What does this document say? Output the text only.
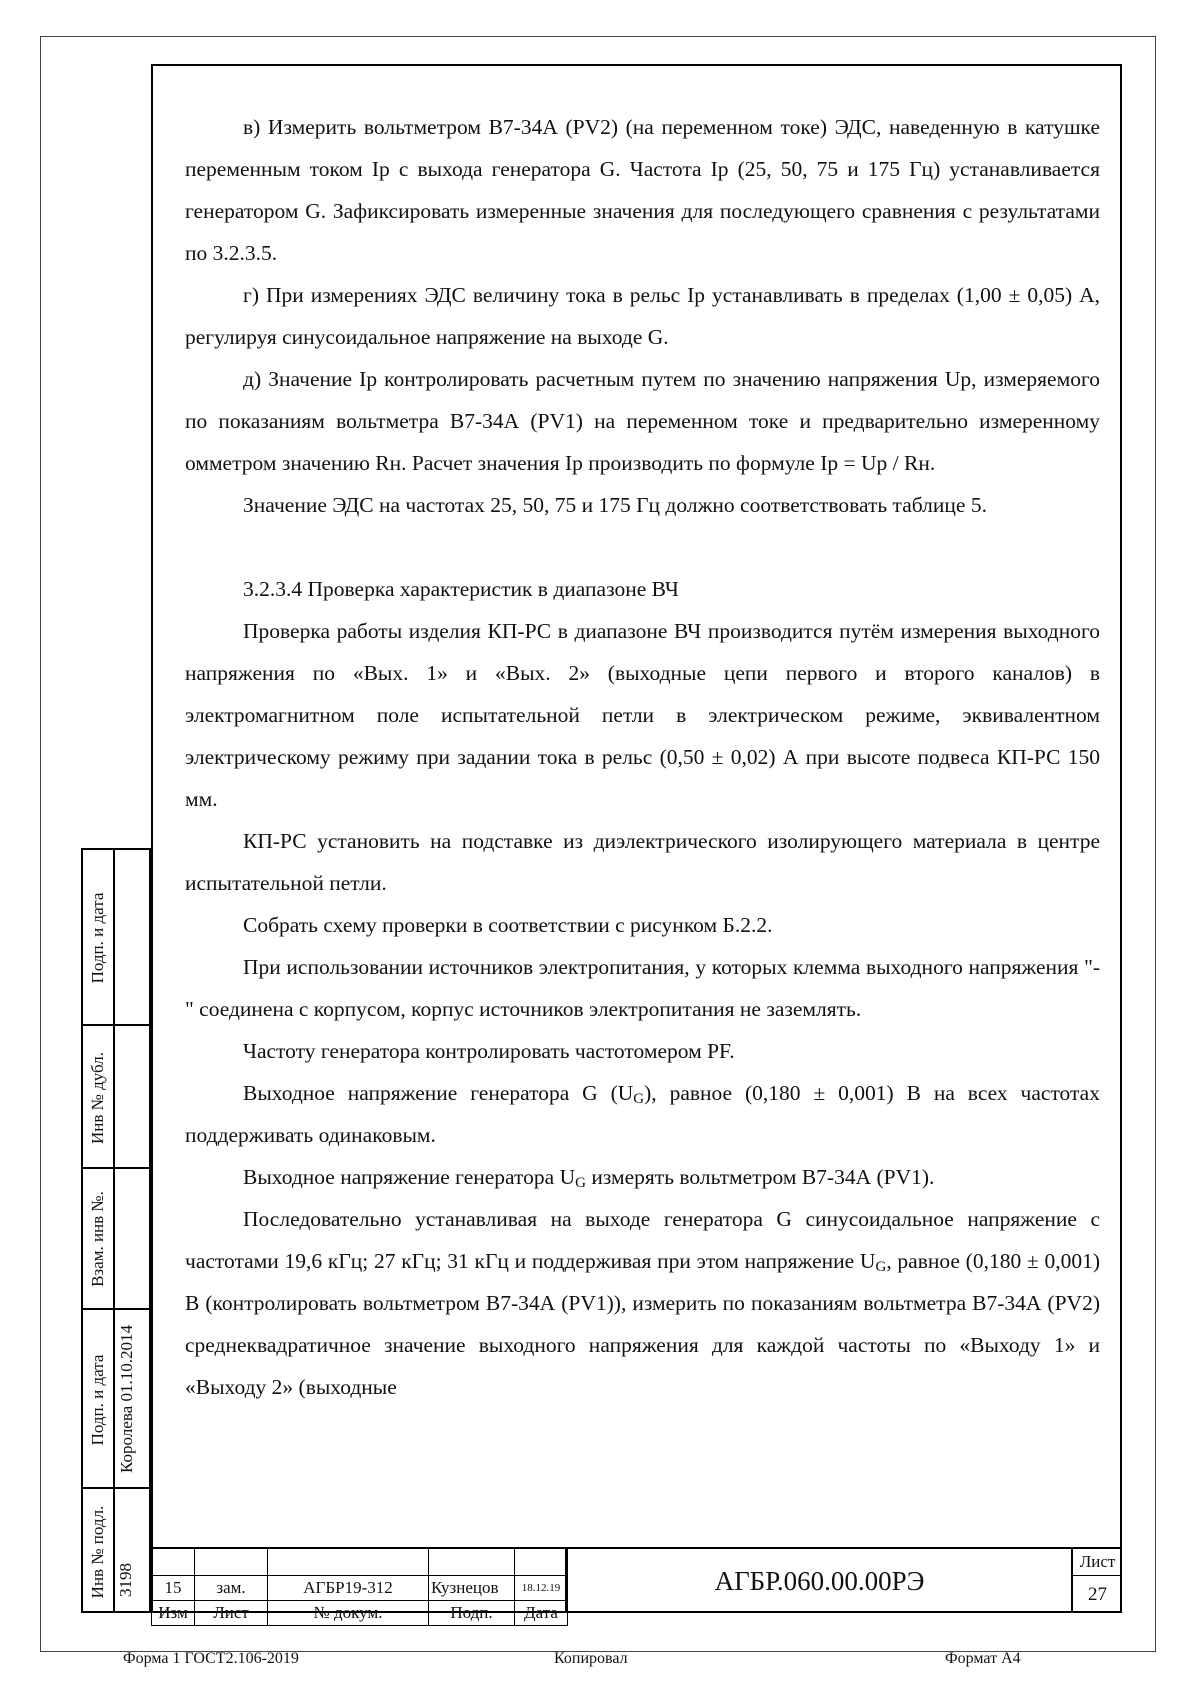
в) Измерить вольтметром В7-34А (PV2) (на переменном токе) ЭДС, наведенную в катушке переменным током Iр с выхода генератора G. Частота Iр (25, 50, 75 и 175 Гц) устанавливается генератором G. Зафиксировать измеренные значения для последующего сравнения с результатами по 3.2.3.5.

г) При измерениях ЭДС величину тока в рельс Iр устанавливать в пределах (1,00 ± 0,05) А, регулируя синусоидальное напряжение на выходе G.

д) Значение Iр контролировать расчетным путем по значению напряжения Uр, измеряемого по показаниям вольтметра В7-34А (PV1) на переменном токе и предварительно измеренному омметром значению Rн. Расчет значения Iр производить по формуле Iр = Uр / Rн.

Значение ЭДС на частотах 25, 50, 75 и 175 Гц должно соответствовать таблице 5.

3.2.3.4 Проверка характеристик в диапазоне ВЧ

Проверка работы изделия КП-РС в диапазоне ВЧ производится путём измерения выходного напряжения по «Вых. 1» и «Вых. 2» (выходные цепи первого и второго каналов) в электромагнитном поле испытательной петли в электрическом режиме, эквивалентном электрическому режиму при задании тока в рельс (0,50 ± 0,02) А при высоте подвеса КП-РС 150 мм.

КП-РС установить на подставке из диэлектрического изолирующего материала в центре испытательной петли.

Собрать схему проверки в соответствии с рисунком Б.2.2.

При использовании источников электропитания, у которых клемма выходного напряжения "-" соединена с корпусом, корпус источников электропитания не заземлять.

Частоту генератора контролировать частотомером PF.

Выходное напряжение генератора G $(U_G)$, равное (0,180 ± 0,001) В на всех частотах поддерживать одинаковым.

Выходное напряжение генератора $U_G$ измерять вольтметром В7-34А (PV1).

Последовательно устанавливая на выходе генератора G синусоидальное напряжение с частотами 19,6 кГц; 27 кГц; 31 кГц и поддерживая при этом напряжение $U_G$, равное (0,180 ± 0,001) В (контролировать вольтметром В7-34А (PV1)), измерить по показаниям вольтметра В7-34А (PV2) среднеквадратичное значение выходного напряжения для каждой частоты по «Выходу 1» и «Выходу 2» (выходные

Подп. и дата
Инв № дубл.
Взам. инв №.
Подп. и дата Королева 01.10.2014
Инв № подл. 3198
				15	зам.	АГБР19-312	Кузнецов	18.12.19
Изм	Лист	№ докум.	Подп.	Дата
АГБР.060.00.00РЭ
Лист
27
Форма 1 ГОСТ2.106-2019	Копировал	Формат А4
